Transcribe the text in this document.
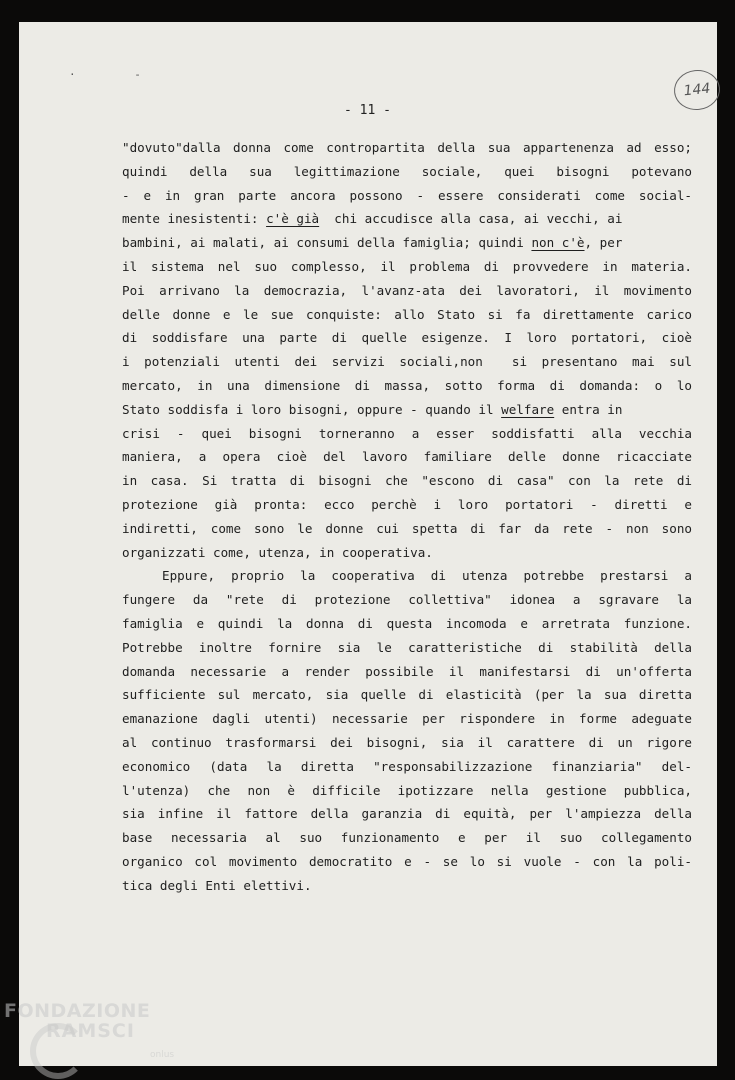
· -
144
- 11 -
"dovuto"dalla donna come contropartita della sua appartenenza ad esso;
quindi della sua legittimazione sociale, quei bisogni potevano
- e in gran parte ancora possono - essere considerati come social-
mente inesistenti: c'è già  chi accudisce alla casa, ai vecchi, ai
bambini, ai malati, ai consumi della famiglia; quindi non c'è, per
il sistema nel suo complesso, il problema di provvedere in materia.
Poi arrivano la democrazia, l'avanz-ata dei lavoratori, il movimento
delle donne e le sue conquiste: allo Stato si fa direttamente carico
di soddisfare una parte di quelle esigenze. I loro portatori, cioè
i potenziali utenti dei servizi sociali,non  si presentano mai sul
mercato, in una dimensione di massa, sotto forma di domanda: o lo
Stato soddisfa i loro bisogni, oppure - quando il welfare entra in
crisi - quei bisogni torneranno a esser soddisfatti alla vecchia
maniera, a opera cioè del lavoro familiare delle donne ricacciate
in casa. Si tratta di bisogni che "escono di casa" con la rete di
protezione già pronta: ecco perchè i loro portatori - diretti e
indiretti, come sono le donne cui spetta di far da rete - non sono
organizzati come, utenza, in cooperativa.
Eppure, proprio la cooperativa di utenza potrebbe prestarsi a
fungere da "rete di protezione collettiva" idonea a sgravare la
famiglia e quindi la donna di questa incomoda e arretrata funzione.
Potrebbe inoltre fornire sia le caratteristiche di stabilità della
domanda necessarie a render possibile il manifestarsi di un'offerta
sufficiente sul mercato, sia quelle di elasticità (per la sua diretta
emanazione dagli utenti) necessarie per rispondere in forme adeguate
al continuo trasformarsi dei bisogni, sia il carattere di un rigore
economico (data la diretta "responsabilizzazione finanziaria" del-
l'utenza) che non è difficile ipotizzare nella gestione pubblica,
sia infine il fattore della garanzia di equità, per l'ampiezza della
base necessaria al suo funzionamento e per il suo collegamento
organico col movimento democratito e - se lo si vuole - con la poli-
tica degli Enti elettivi.
FONDAZIONE
RAMSCI
onlus
